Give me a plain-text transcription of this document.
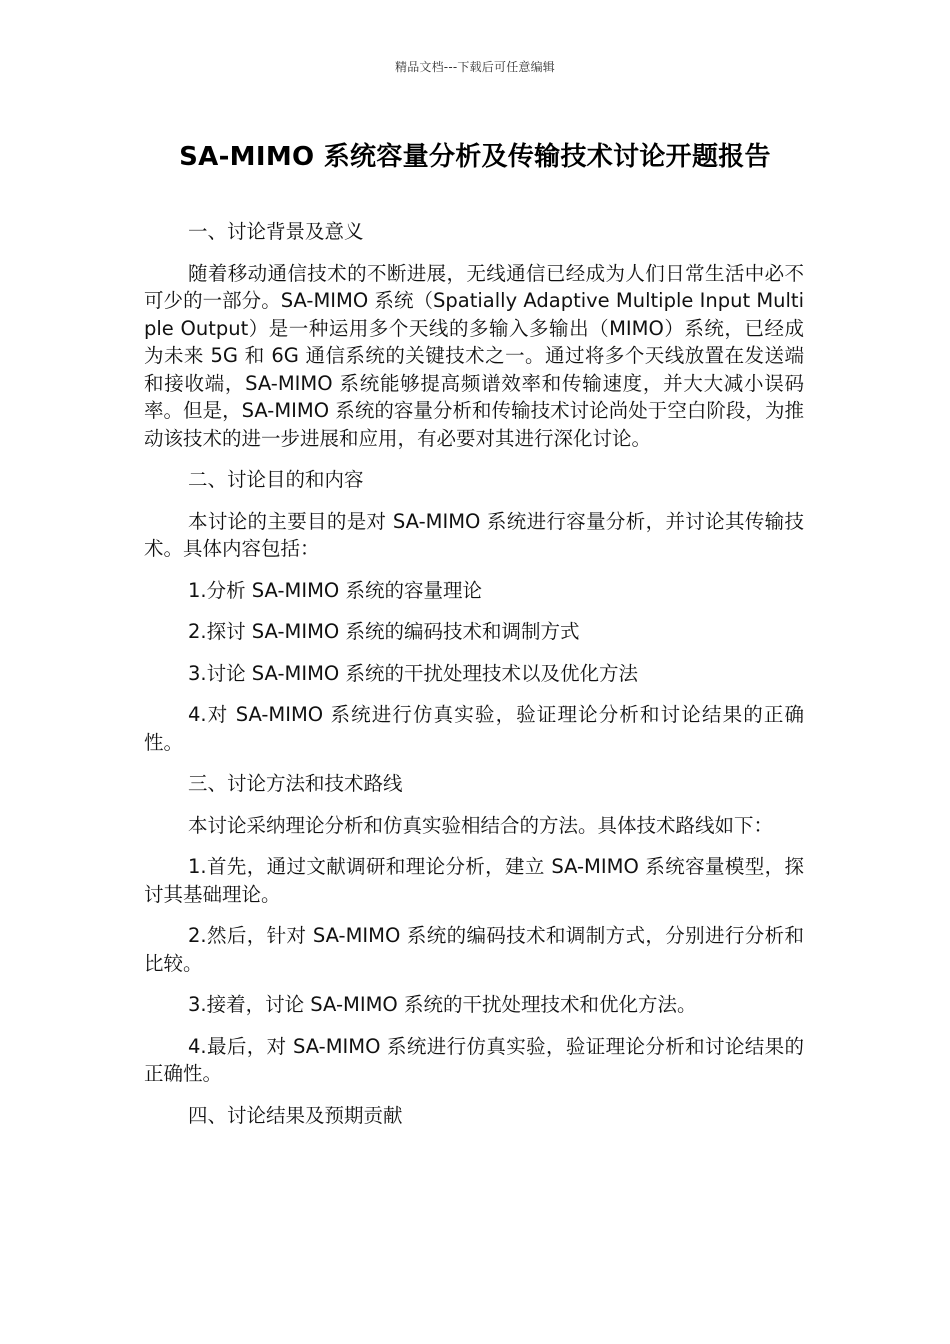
精品文档---下载后可任意编辑
SA-MIMO 系统容量分析及传输技术讨论开题报告

一、讨论背景及意义

随着移动通信技术的不断进展，无线通信已经成为人们日常生活中必不可少的一部分。SA-MIMO 系统（Spatially Adaptive Multiple Input Multiple Output）是一种运用多个天线的多输入多输出（MIMO）系统，已经成为未来 5G 和 6G 通信系统的关键技术之一。通过将多个天线放置在发送端和接收端，SA-MIMO 系统能够提高频谱效率和传输速度，并大大减小误码率。但是，SA-MIMO 系统的容量分析和传输技术讨论尚处于空白阶段，为推动该技术的进一步进展和应用，有必要对其进行深化讨论。

二、讨论目的和内容

本讨论的主要目的是对 SA-MIMO 系统进行容量分析，并讨论其传输技术。具体内容包括：

1.分析 SA-MIMO 系统的容量理论

2.探讨 SA-MIMO 系统的编码技术和调制方式

3.讨论 SA-MIMO 系统的干扰处理技术以及优化方法

4.对 SA-MIMO 系统进行仿真实验，验证理论分析和讨论结果的正确性。

三、讨论方法和技术路线

本讨论采纳理论分析和仿真实验相结合的方法。具体技术路线如下：

1.首先，通过文献调研和理论分析，建立 SA-MIMO 系统容量模型，探讨其基础理论。

2.然后，针对 SA-MIMO 系统的编码技术和调制方式，分别进行分析和比较。

3.接着，讨论 SA-MIMO 系统的干扰处理技术和优化方法。

4.最后，对 SA-MIMO 系统进行仿真实验，验证理论分析和讨论结果的正确性。

四、讨论结果及预期贡献
